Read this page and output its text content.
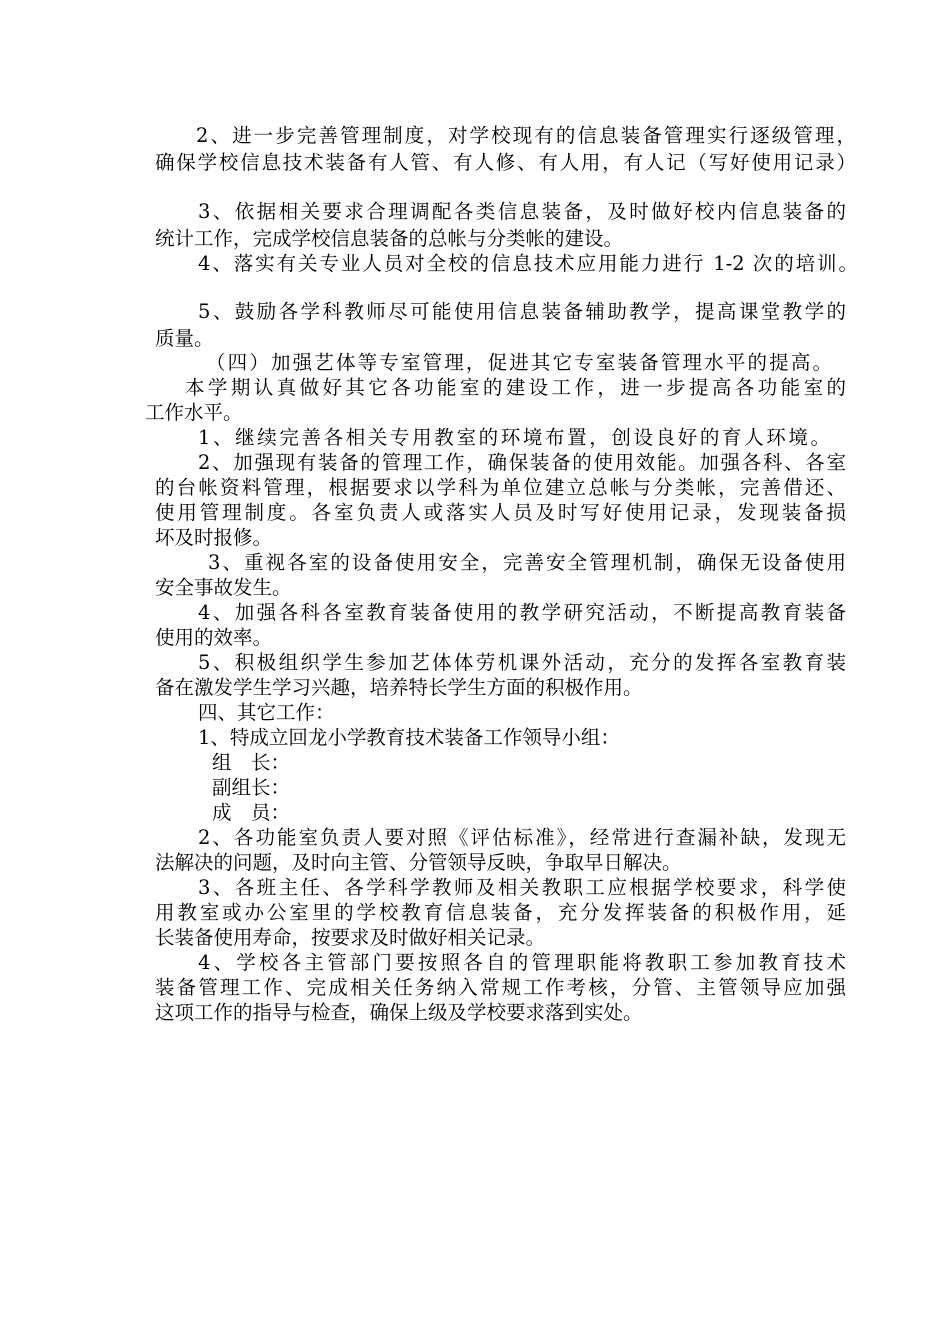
2、进一步完善管理制度，对学校现有的信息装备管理实行逐级管理，
确保学校信息技术装备有人管、有人修、有人用，有人记（写好使用记录）
3、依据相关要求合理调配各类信息装备，及时做好校内信息装备的
统计工作，完成学校信息装备的总帐与分类帐的建设。
4、落实有关专业人员对全校的信息技术应用能力进行 1-2 次的培训。
5、鼓励各学科教师尽可能使用信息装备辅助教学，提高课堂教学的
质量。
（四）加强艺体等专室管理，促进其它专室装备管理水平的提高。
本学期认真做好其它各功能室的建设工作，进一步提高各功能室的
工作水平。
1、继续完善各相关专用教室的环境布置，创设良好的育人环境。
2、加强现有装备的管理工作，确保装备的使用效能。加强各科、各室
的台帐资料管理，根据要求以学科为单位建立总帐与分类帐，完善借还、
使用管理制度。各室负责人或落实人员及时写好使用记录，发现装备损
坏及时报修。
3、重视各室的设备使用安全，完善安全管理机制，确保无设备使用
安全事故发生。
4、加强各科各室教育装备使用的教学研究活动，不断提高教育装备
使用的效率。
5、积极组织学生参加艺体体劳机课外活动，充分的发挥各室教育装
备在激发学生学习兴趣，培养特长学生方面的积极作用。
四、其它工作：
1、特成立回龙小学教育技术装备工作领导小组：
组　长：
副组长：
成　员：
2、各功能室负责人要对照《评估标准》，经常进行查漏补缺，发现无
法解决的问题，及时向主管、分管领导反映，争取早日解决。
3、各班主任、各学科学教师及相关教职工应根据学校要求，科学使
用教室或办公室里的学校教育信息装备，充分发挥装备的积极作用，延
长装备使用寿命，按要求及时做好相关记录。
4、学校各主管部门要按照各自的管理职能将教职工参加教育技术
装备管理工作、完成相关任务纳入常规工作考核，分管、主管领导应加强
这项工作的指导与检查，确保上级及学校要求落到实处。
